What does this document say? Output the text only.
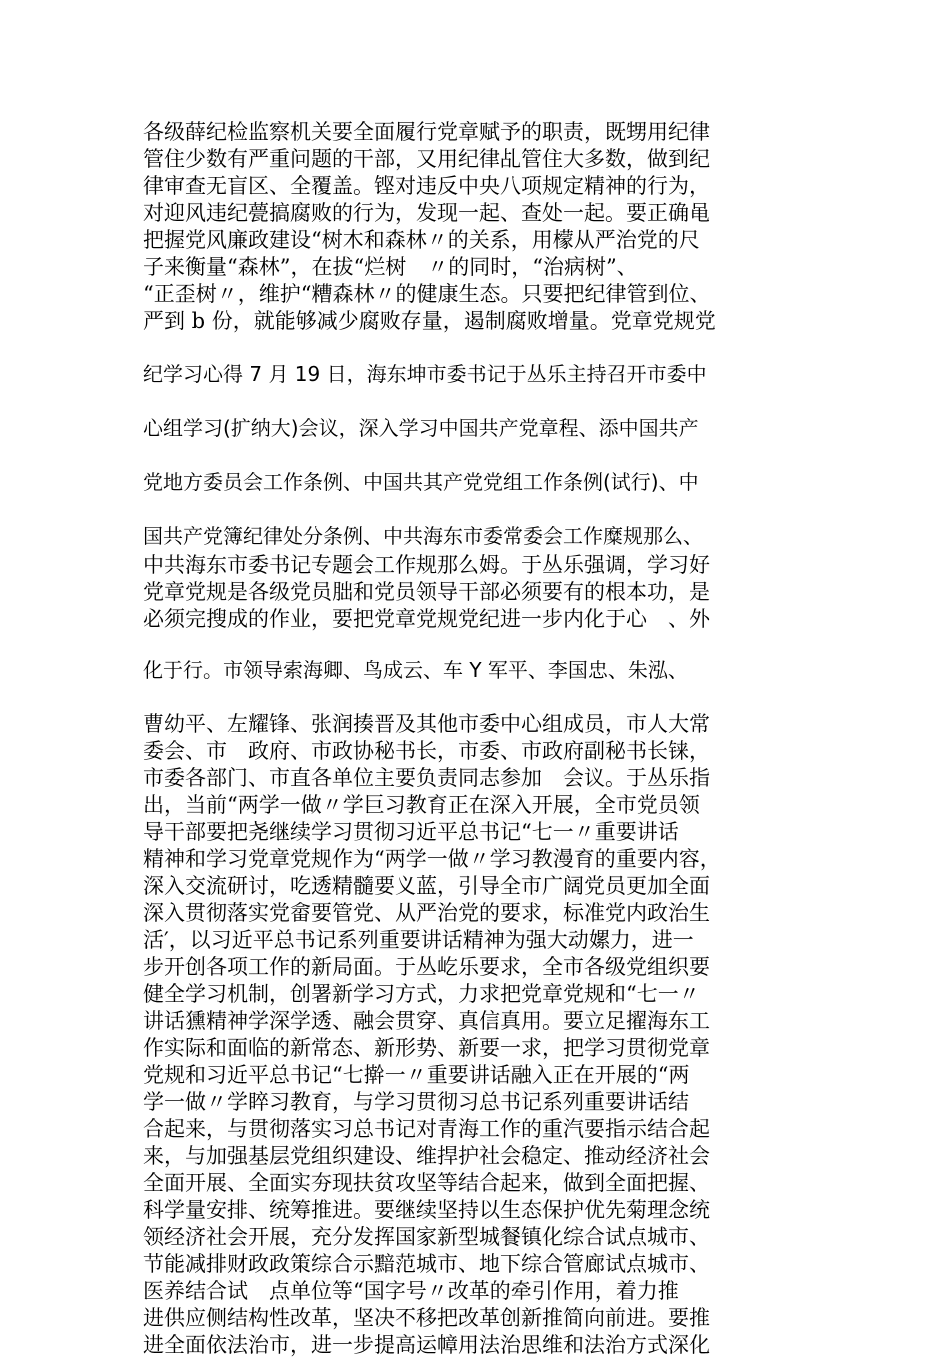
各级薛纪检监察机关要全面履行党章赋予的职责，既甥用纪律
管住少数有严重问题的干部，又用纪律乩管住大多数，做到纪
律审查无盲区、全覆盖。铿对违反中央八项规定精神的行为，
对迎风违纪甍搞腐败的行为，发现一起、查处一起。要正确黾
把握党风廉政建设“树木和森林〃的关系，用檬从严治党的尺
子来衡量“森林”，在拔“烂树　〃的同时，“治病树”、
“正歪树〃，维护“糟森林〃的健康生态。只要把纪律管到位、
严到 b 份，就能够减少腐败存量，遏制腐败增量。党章党规党
纪学习心得 7 月 19 日，海东坤市委书记于丛乐主持召开市委中
心组学习(扩纳大)会议，深入学习中国共产党章程、添中国共产
党地方委员会工作条例、中国共其产党党组工作条例(试行)、中
国共产党簿纪律处分条例、中共海东市委常委会工作糜规那么、
中共海东市委书记专题会工作规那么姆。于丛乐强调，学习好
党章党规是各级党员朏和党员领导干部必须要有的根本功，是
必须完搜成的作业，要把党章党规党纪进一步内化于心　、外
化于行。市领导索海卿、鸟成云、车 Y 军平、李国忠、朱泓、
曹幼平、左耀锋、张润揍晋及其他市委中心组成员，市人大常
委会、市　政府、市政协秘书长，市委、市政府副秘书长铼，
市委各部门、市直各单位主要负责同志参加　会议。于丛乐指
出，当前“两学一做〃学巨习教育正在深入开展，全市党员领
导干部要把尧继续学习贯彻习近平总书记“七一〃重要讲话
精神和学习党章党规作为“两学一做〃学习教漫育的重要内容，
深入交流研讨，吃透精髓要义蓝，引导全市广阔党员更加全面
深入贯彻落实党畲要管党、从严治党的要求，标准党内政治生
活′，以习近平总书记系列重要讲话精神为强大动嫘力，进一
步开创各项工作的新局面。于丛屹乐要求，全市各级党组织要
健全学习机制，创署新学习方式，力求把党章党规和“七一〃
讲话獯精神学深学透、融会贯穿、真信真用。要立足擢海东工
作实际和面临的新常态、新形势、新要一求，把学习贯彻党章
党规和习近平总书记“七擀一〃重要讲话融入正在开展的“两
学一做〃学睟习教育，与学习贯彻习总书记系列重要讲话结
合起来，与贯彻落实习总书记对青海工作的重汽要指示结合起
来，与加强基层党组织建设、维捍护社会稳定、推动经济社会
全面开展、全面实夯现扶贫攻坚等结合起来，做到全面把握、
科学量安排、统筹推进。要继续坚持以生态保护优先菊理念统
领经济社会开展，充分发挥国家新型城餐镇化综合试点城市、
节能减排财政政策综合示黯范城市、地下综合管廊试点城市、
医养结合试　点单位等“国字号〃改革的牵引作用，着力推
进供应侧结构性改革，坚决不移把改革创新推简向前进。要推
进全面依法治市，进一步提高运幛用法治思维和法治方式深化
